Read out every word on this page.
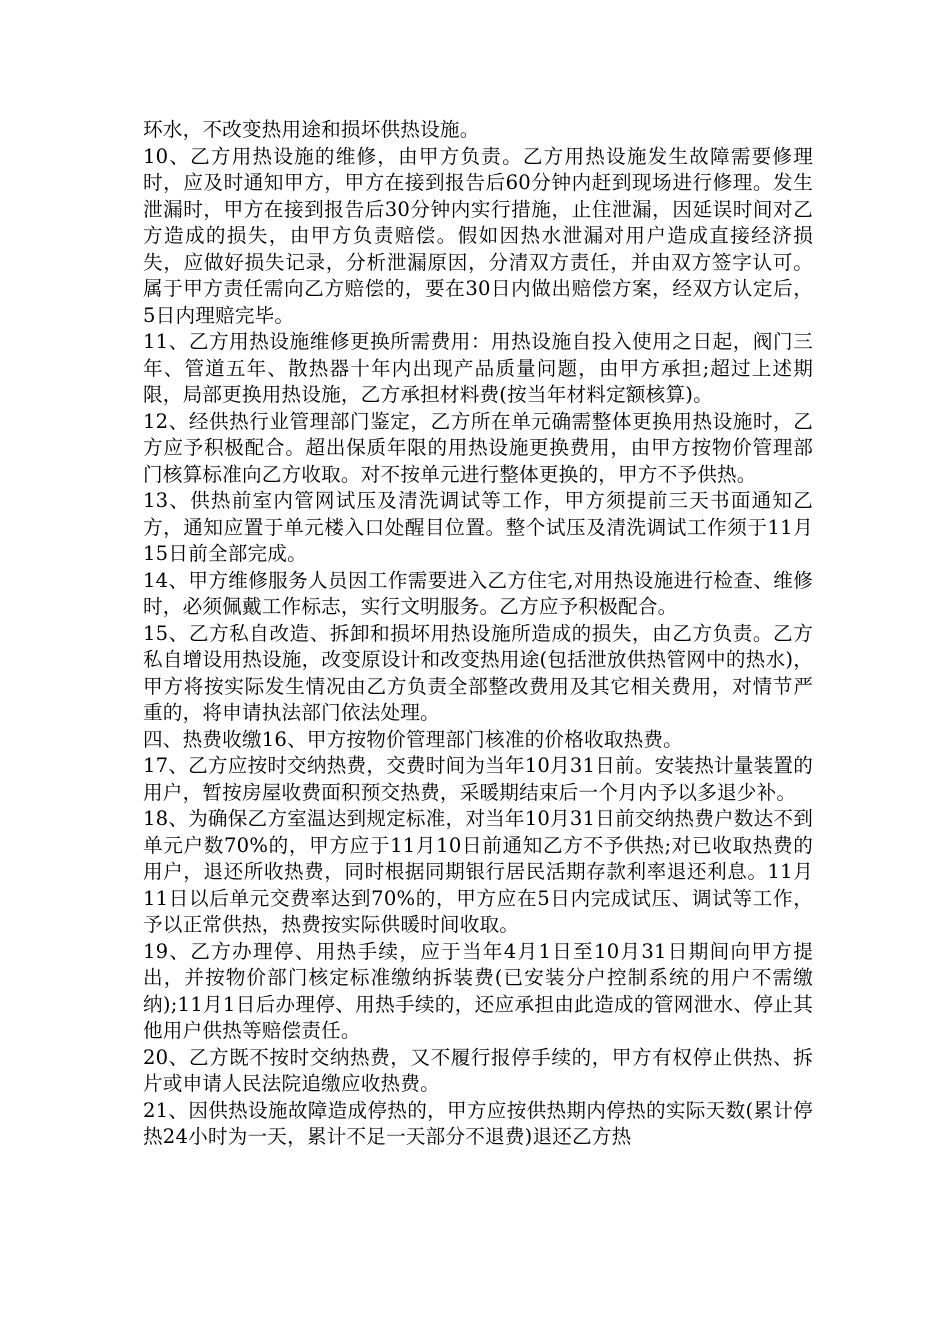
环水，不改变热用途和损坏供热设施。

10、乙方用热设施的维修，由甲方负责。乙方用热设施发生故障需要修理时，应及时通知甲方，甲方在接到报告后60分钟内赶到现场进行修理。发生泄漏时，甲方在接到报告后30分钟内实行措施，止住泄漏，因延误时间对乙方造成的损失，由甲方负责赔偿。假如因热水泄漏对用户造成直接经济损失，应做好损失记录，分析泄漏原因，分清双方责任，并由双方签字认可。属于甲方责任需向乙方赔偿的，要在30日内做出赔偿方案，经双方认定后，5日内理赔完毕。

11、乙方用热设施维修更换所需费用：用热设施自投入使用之日起，阀门三年、管道五年、散热器十年内出现产品质量问题，由甲方承担;超过上述期限，局部更换用热设施，乙方承担材料费(按当年材料定额核算)。

12、经供热行业管理部门鉴定，乙方所在单元确需整体更换用热设施时，乙方应予积极配合。超出保质年限的用热设施更换费用，由甲方按物价管理部门核算标准向乙方收取。对不按单元进行整体更换的，甲方不予供热。

13、供热前室内管网试压及清洗调试等工作，甲方须提前三天书面通知乙方，通知应置于单元楼入口处醒目位置。整个试压及清洗调试工作须于11月15日前全部完成。

14、甲方维修服务人员因工作需要进入乙方住宅,对用热设施进行检查、维修时，必须佩戴工作标志，实行文明服务。乙方应予积极配合。

15、乙方私自改造、拆卸和损坏用热设施所造成的损失，由乙方负责。乙方私自增设用热设施，改变原设计和改变热用途(包括泄放供热管网中的热水)，甲方将按实际发生情况由乙方负责全部整改费用及其它相关费用，对情节严重的，将申请执法部门依法处理。

四、热费收缴16、甲方按物价管理部门核准的价格收取热费。

17、乙方应按时交纳热费，交费时间为当年10月31日前。安装热计量装置的用户，暂按房屋收费面积预交热费，采暖期结束后一个月内予以多退少补。

18、为确保乙方室温达到规定标准，对当年10月31日前交纳热费户数达不到单元户数70%的，甲方应于11月10日前通知乙方不予供热;对已收取热费的用户，退还所收热费，同时根据同期银行居民活期存款利率退还利息。11月11日以后单元交费率达到70%的，甲方应在5日内完成试压、调试等工作，予以正常供热，热费按实际供暖时间收取。

19、乙方办理停、用热手续，应于当年4月1日至10月31日期间向甲方提出，并按物价部门核定标准缴纳拆装费(已安装分户控制系统的用户不需缴纳);11月1日后办理停、用热手续的，还应承担由此造成的管网泄水、停止其他用户供热等赔偿责任。

20、乙方既不按时交纳热费，又不履行报停手续的，甲方有权停止供热、拆片或申请人民法院追缴应收热费。

21、因供热设施故障造成停热的，甲方应按供热期内停热的实际天数(累计停热24小时为一天，累计不足一天部分不退费)退还乙方热
